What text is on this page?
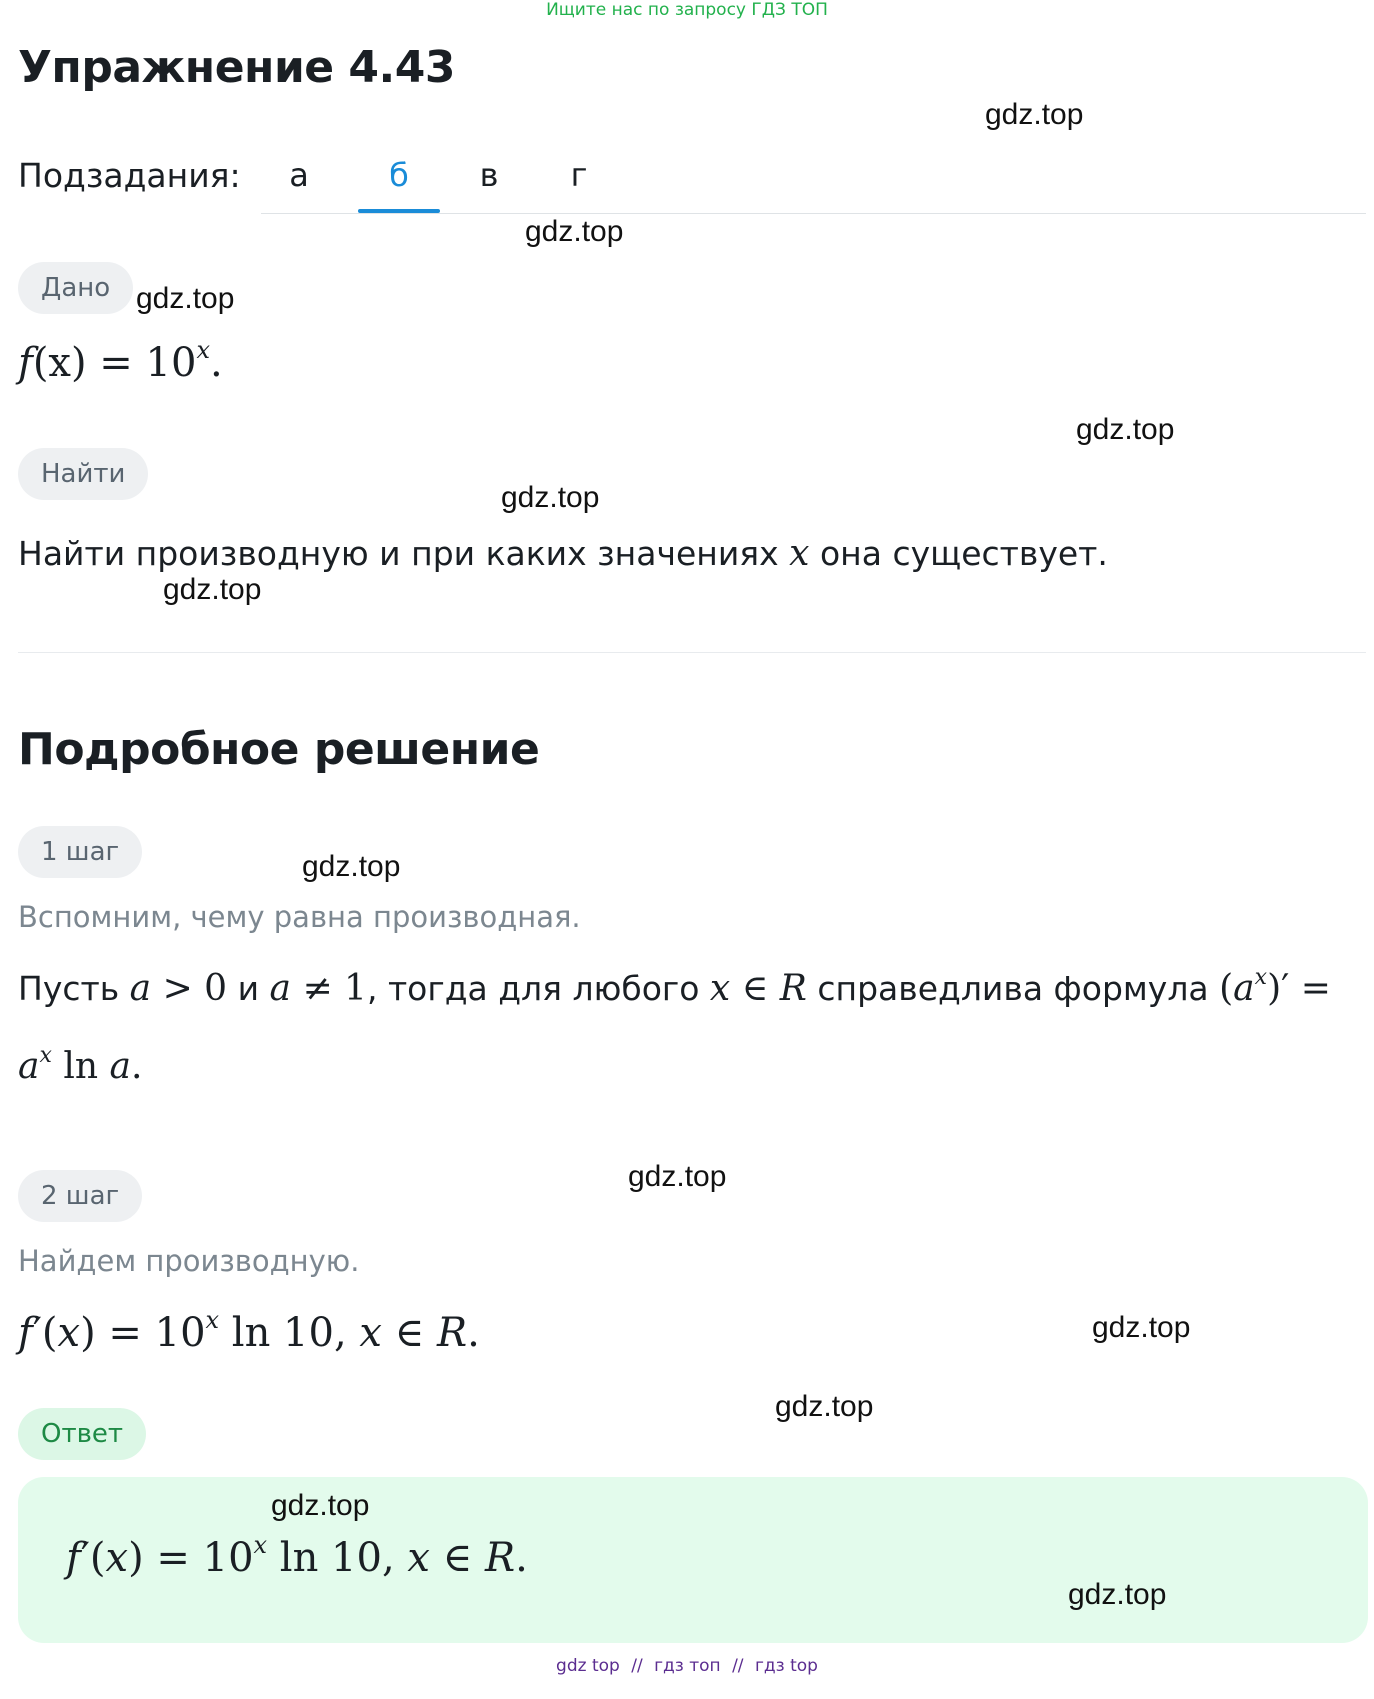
Ищите нас по запросу ГДЗ ТОП
Упражнение 4.43
Подзадания:	а	б	в	г
Дано
$f(x) = 10^x$.
Найти
Найти производную и при каких значениях x она существует.
Подробное решение
1 шаг
Вспомним, чему равна производная.
Пусть a > 0 и a ≠ 1, тогда для любого x ∈ R справедлива формула $(a^x)'$ =
$a^x$ ln a.
2 шаг
Найдем производную.
$f'(x) = 10^x$ ln 10, x ∈ R.
Ответ
$f'(x) = 10^x$ ln 10, x ∈ R.
gdz.top
gdz.top
gdz.top
gdz.top
gdz.top
gdz.top
gdz.top
gdz.top
gdz.top
gdz.top
gdz.top
gdz.top
gdz top // гдз топ // гдз top
